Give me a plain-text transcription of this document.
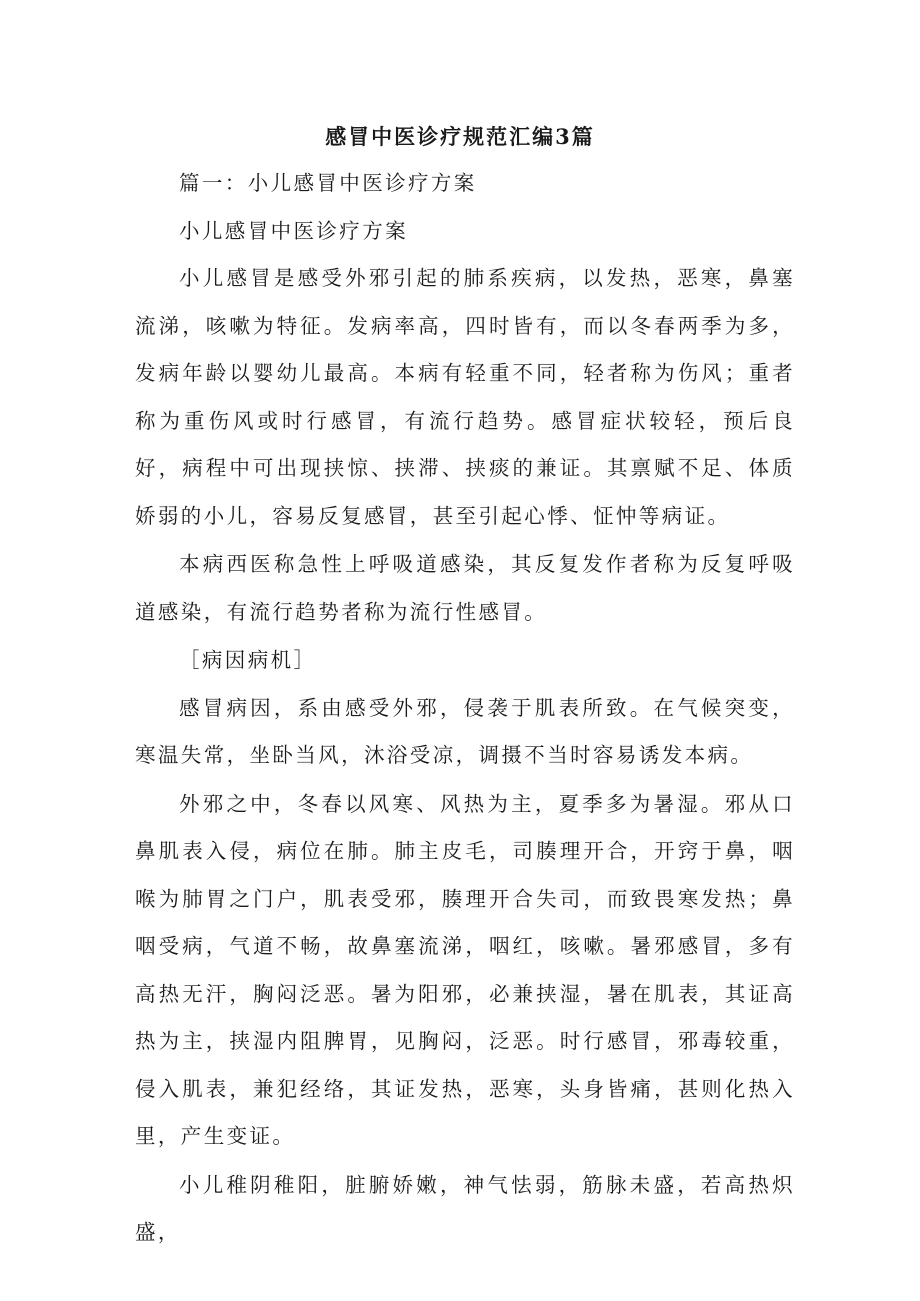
感冒中医诊疗规范汇编3篇

篇一：小儿感冒中医诊疗方案

小儿感冒中医诊疗方案

小儿感冒是感受外邪引起的肺系疾病，以发热，恶寒，鼻塞流涕，咳嗽为特征。发病率高，四时皆有，而以冬春两季为多，发病年龄以婴幼儿最高。本病有轻重不同，轻者称为伤风；重者称为重伤风或时行感冒，有流行趋势。感冒症状较轻，预后良好，病程中可出现挟惊、挟滞、挟痰的兼证。其禀赋不足、体质娇弱的小儿，容易反复感冒，甚至引起心悸、怔忡等病证。

本病西医称急性上呼吸道感染，其反复发作者称为反复呼吸道感染，有流行趋势者称为流行性感冒。

［病因病机］

感冒病因，系由感受外邪，侵袭于肌表所致。在气候突变，寒温失常，坐卧当风，沐浴受凉，调摄不当时容易诱发本病。

外邪之中，冬春以风寒、风热为主，夏季多为暑湿。邪从口鼻肌表入侵，病位在肺。肺主皮毛，司腠理开合，开窍于鼻，咽喉为肺胃之门户，肌表受邪，腠理开合失司，而致畏寒发热；鼻咽受病，气道不畅，故鼻塞流涕，咽红，咳嗽。暑邪感冒，多有高热无汗，胸闷泛恶。暑为阳邪，必兼挟湿，暑在肌表，其证高热为主，挟湿内阻脾胃，见胸闷，泛恶。时行感冒，邪毒较重，侵入肌表，兼犯经络，其证发热，恶寒，头身皆痛，甚则化热入里，产生变证。

小儿稚阴稚阳，脏腑娇嫩，神气怯弱，筋脉未盛，若高热炽盛，
